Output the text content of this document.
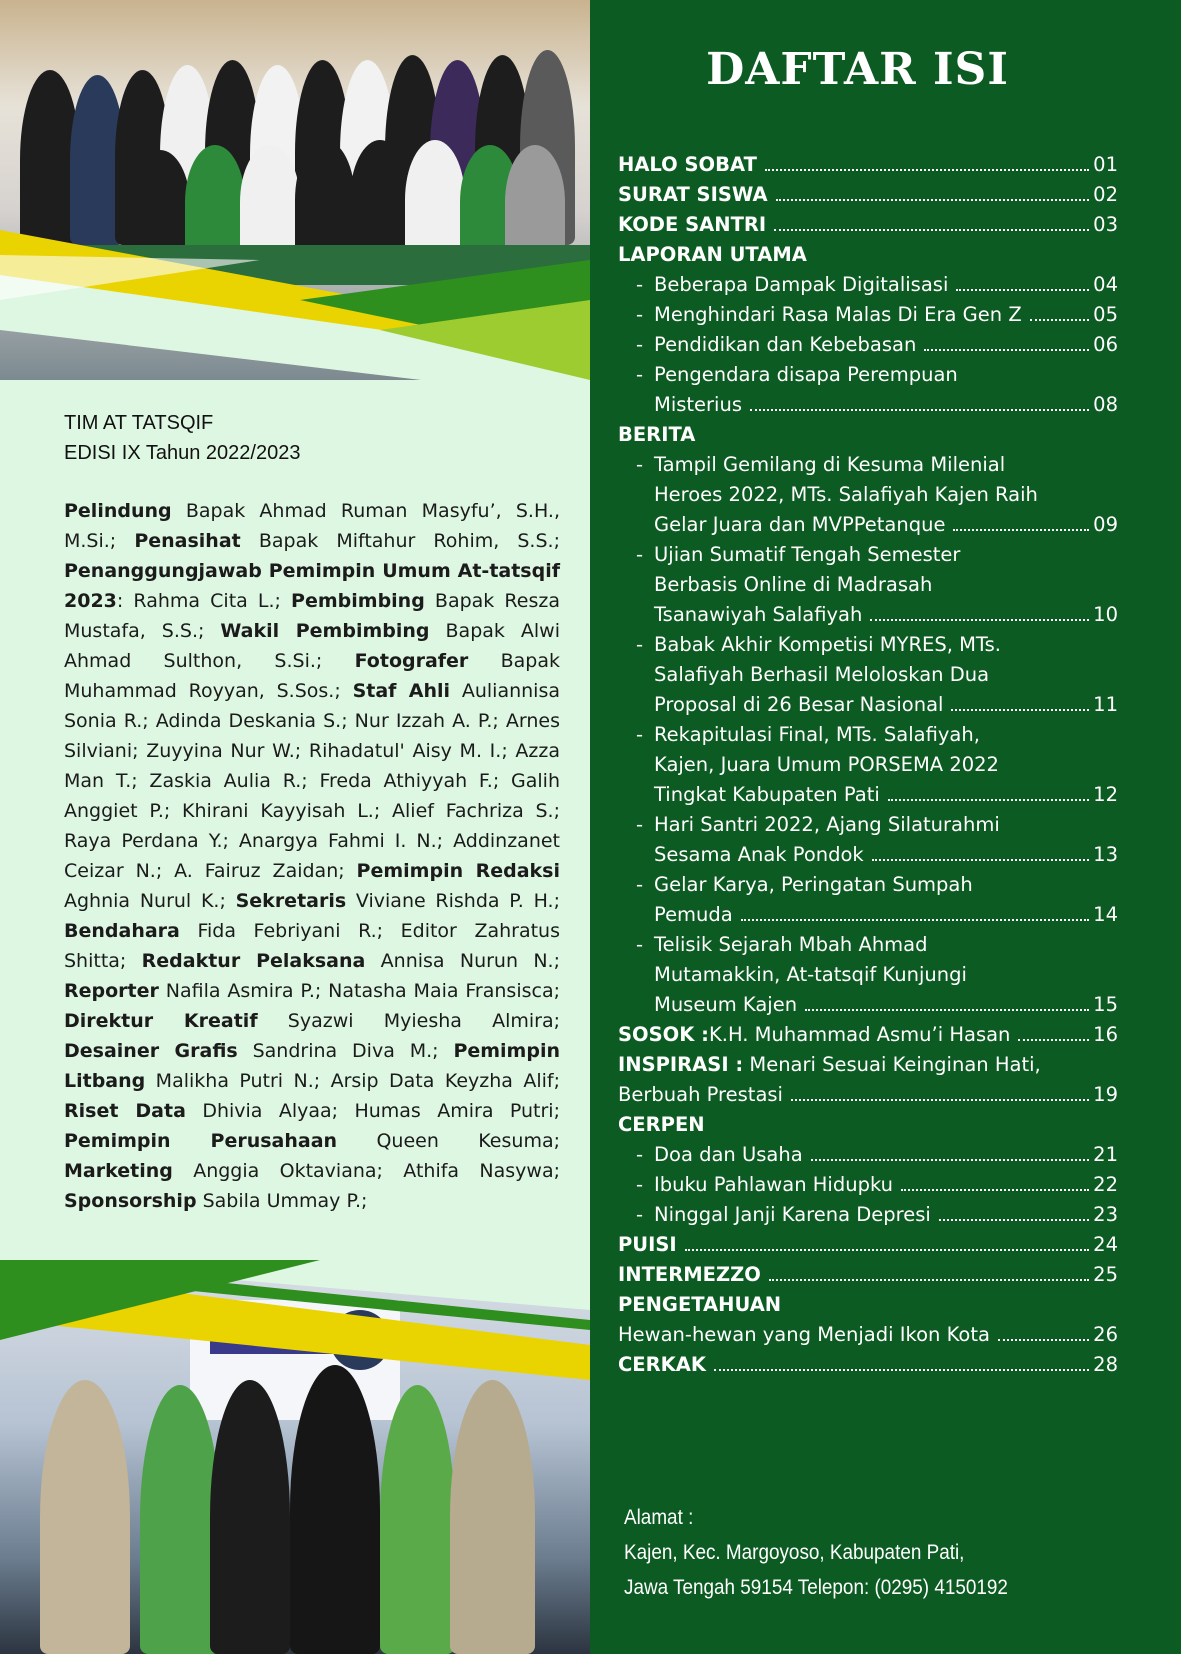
TIM AT TATSQIF
EDISI IX Tahun 2022/2023
Pelindung Bapak Ahmad Ruman Masyfu’, S.H., M.Si.; Penasihat Bapak Miftahur Rohim, S.S.; Penanggungjawab Pemimpin Umum At-tatsqif 2023: Rahma Cita L.; Pembimbing Bapak Resza Mustafa, S.S.; Wakil Pembimbing Bapak Alwi Ahmad Sulthon, S.Si.; Fotografer Bapak Muhammad Royyan, S.Sos.; Staf Ahli Auliannisa Sonia R.; Adinda Deskania S.; Nur Izzah A. P.; Arnes Silviani; Zuyyina Nur W.; Rihadatul' Aisy M. I.; Azza Man T.; Zaskia Aulia R.; Freda Athiyyah F.; Galih Anggiet P.; Khirani Kayyisah L.; Alief Fachriza S.; Raya Perdana Y.; Anargya Fahmi I. N.; Addinzanet Ceizar N.; A. Fairuz Zaidan; Pemimpin Redaksi Aghnia Nurul K.; Sekretaris Viviane Rishda P. H.; Bendahara Fida Febriyani R.; Editor Zahratus Shitta; Redaktur Pelaksana Annisa Nurun N.; Reporter Nafila Asmira P.; Natasha Maia Fransisca; Direktur Kreatif Syazwi Myiesha Almira; Desainer Grafis Sandrina Diva M.; Pemimpin Litbang Malikha Putri N.; Arsip Data Keyzha Alif; Riset Data Dhivia Alyaa; Humas Amira Putri; Pemimpin Perusahaan Queen Kesuma; Marketing Anggia Oktaviana; Athifa Nasywa; Sponsorship Sabila Ummay P.;
DAFTAR ISI
HALO SOBAT	01
SURAT SISWA	02
KODE SANTRI	03
LAPORAN UTAMA
- Beberapa Dampak Digitalisasi	04
- Menghindari Rasa Malas Di Era Gen Z	05
- Pendidikan dan Kebebasan	06
- Pengendara disapa Perempuan
Misterius	08
BERITA
- Tampil Gemilang di Kesuma Milenial
Heroes 2022, MTs. Salafiyah Kajen Raih
Gelar Juara dan MVPPetanque	09
- Ujian Sumatif Tengah Semester
Berbasis Online di Madrasah
Tsanawiyah Salafiyah	10
- Babak Akhir Kompetisi MYRES, MTs.
Salafiyah Berhasil Meloloskan Dua
Proposal di 26 Besar Nasional	11
- Rekapitulasi Final, MTs. Salafiyah,
Kajen, Juara Umum PORSEMA 2022
Tingkat Kabupaten Pati	12
- Hari Santri 2022, Ajang Silaturahmi
Sesama Anak Pondok	13
- Gelar Karya, Peringatan Sumpah
Pemuda	14
- Telisik Sejarah Mbah Ahmad
Mutamakkin, At-tatsqif Kunjungi
Museum Kajen	15
SOSOK : K.H. Muhammad Asmu’i Hasan	16
INSPIRASI : Menari Sesuai Keinginan Hati,
Berbuah Prestasi	19
CERPEN
- Doa dan Usaha	21
- Ibuku Pahlawan Hidupku	22
- Ninggal Janji Karena Depresi	23
PUISI	24
INTERMEZZO	25
PENGETAHUAN
Hewan-hewan yang Menjadi Ikon Kota	26
CERKAK	28
Alamat :
Kajen, Kec. Margoyoso, Kabupaten Pati,
Jawa Tengah 59154 Telepon: (0295) 4150192
